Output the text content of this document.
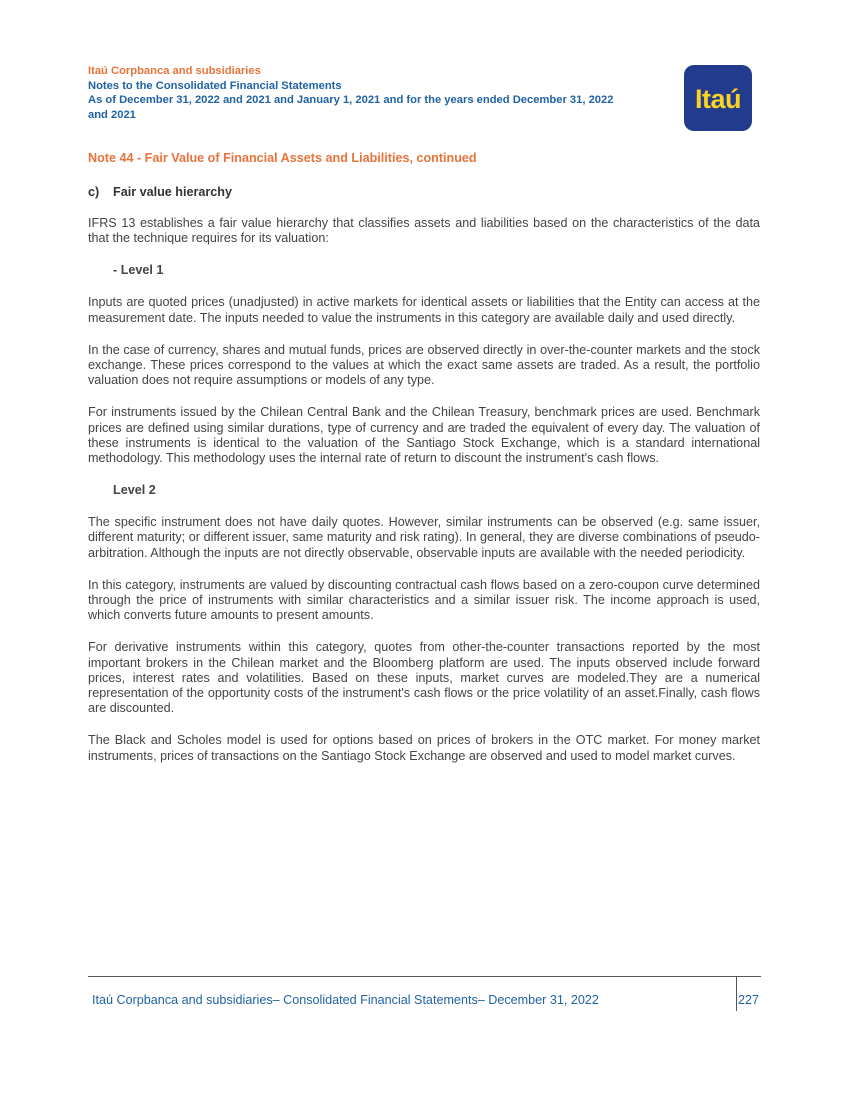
Itaú Corpbanca and subsidiaries
Notes to the Consolidated Financial Statements
As of December 31, 2022 and 2021 and January 1, 2021 and for the years ended December 31, 2022
and 2021
Itaú
Note 44 - Fair Value of Financial Assets and Liabilities, continued
c) Fair value hierarchy

IFRS 13 establishes a fair value hierarchy that classifies assets and liabilities based on the characteristics of the data that the technique requires for its valuation:

- Level 1

Inputs are quoted prices (unadjusted) in active markets for identical assets or liabilities that the Entity can access at the measurement date. The inputs needed to value the instruments in this category are available daily and used directly.

In the case of currency, shares and mutual funds, prices are observed directly in over-the-counter markets and the stock exchange. These prices correspond to the values at which the exact same assets are traded. As a result, the portfolio valuation does not require assumptions or models of any type.

For instruments issued by the Chilean Central Bank and the Chilean Treasury, benchmark prices are used. Benchmark prices are defined using similar durations, type of currency and are traded the equivalent of every day. The valuation of these instruments is identical to the valuation of the Santiago Stock Exchange, which is a standard international methodology. This methodology uses the internal rate of return to discount the instrument's cash flows.

Level 2

The specific instrument does not have daily quotes. However, similar instruments can be observed (e.g. same issuer, different maturity; or different issuer, same maturity and risk rating). In general, they are diverse combinations of pseudo-arbitration. Although the inputs are not directly observable, observable inputs are available with the needed periodicity.

In this category, instruments are valued by discounting contractual cash flows based on a zero-coupon curve determined through the price of instruments with similar characteristics and a similar issuer risk. The income approach is used, which converts future amounts to present amounts.

For derivative instruments within this category, quotes from other-the-counter transactions reported by the most important brokers in the Chilean market and the Bloomberg platform are used. The inputs observed include forward prices, interest rates and volatilities. Based on these inputs, market curves are modeled.They are a numerical representation of the opportunity costs of the instrument's cash flows or the price volatility of an asset.Finally, cash flows are discounted.

The Black and Scholes model is used for options based on prices of brokers in the OTC market. For money market instruments, prices of transactions on the Santiago Stock Exchange are observed and used to model market curves.

Itaú Corpbanca and subsidiaries– Consolidated Financial Statements– December 31, 2022	227
